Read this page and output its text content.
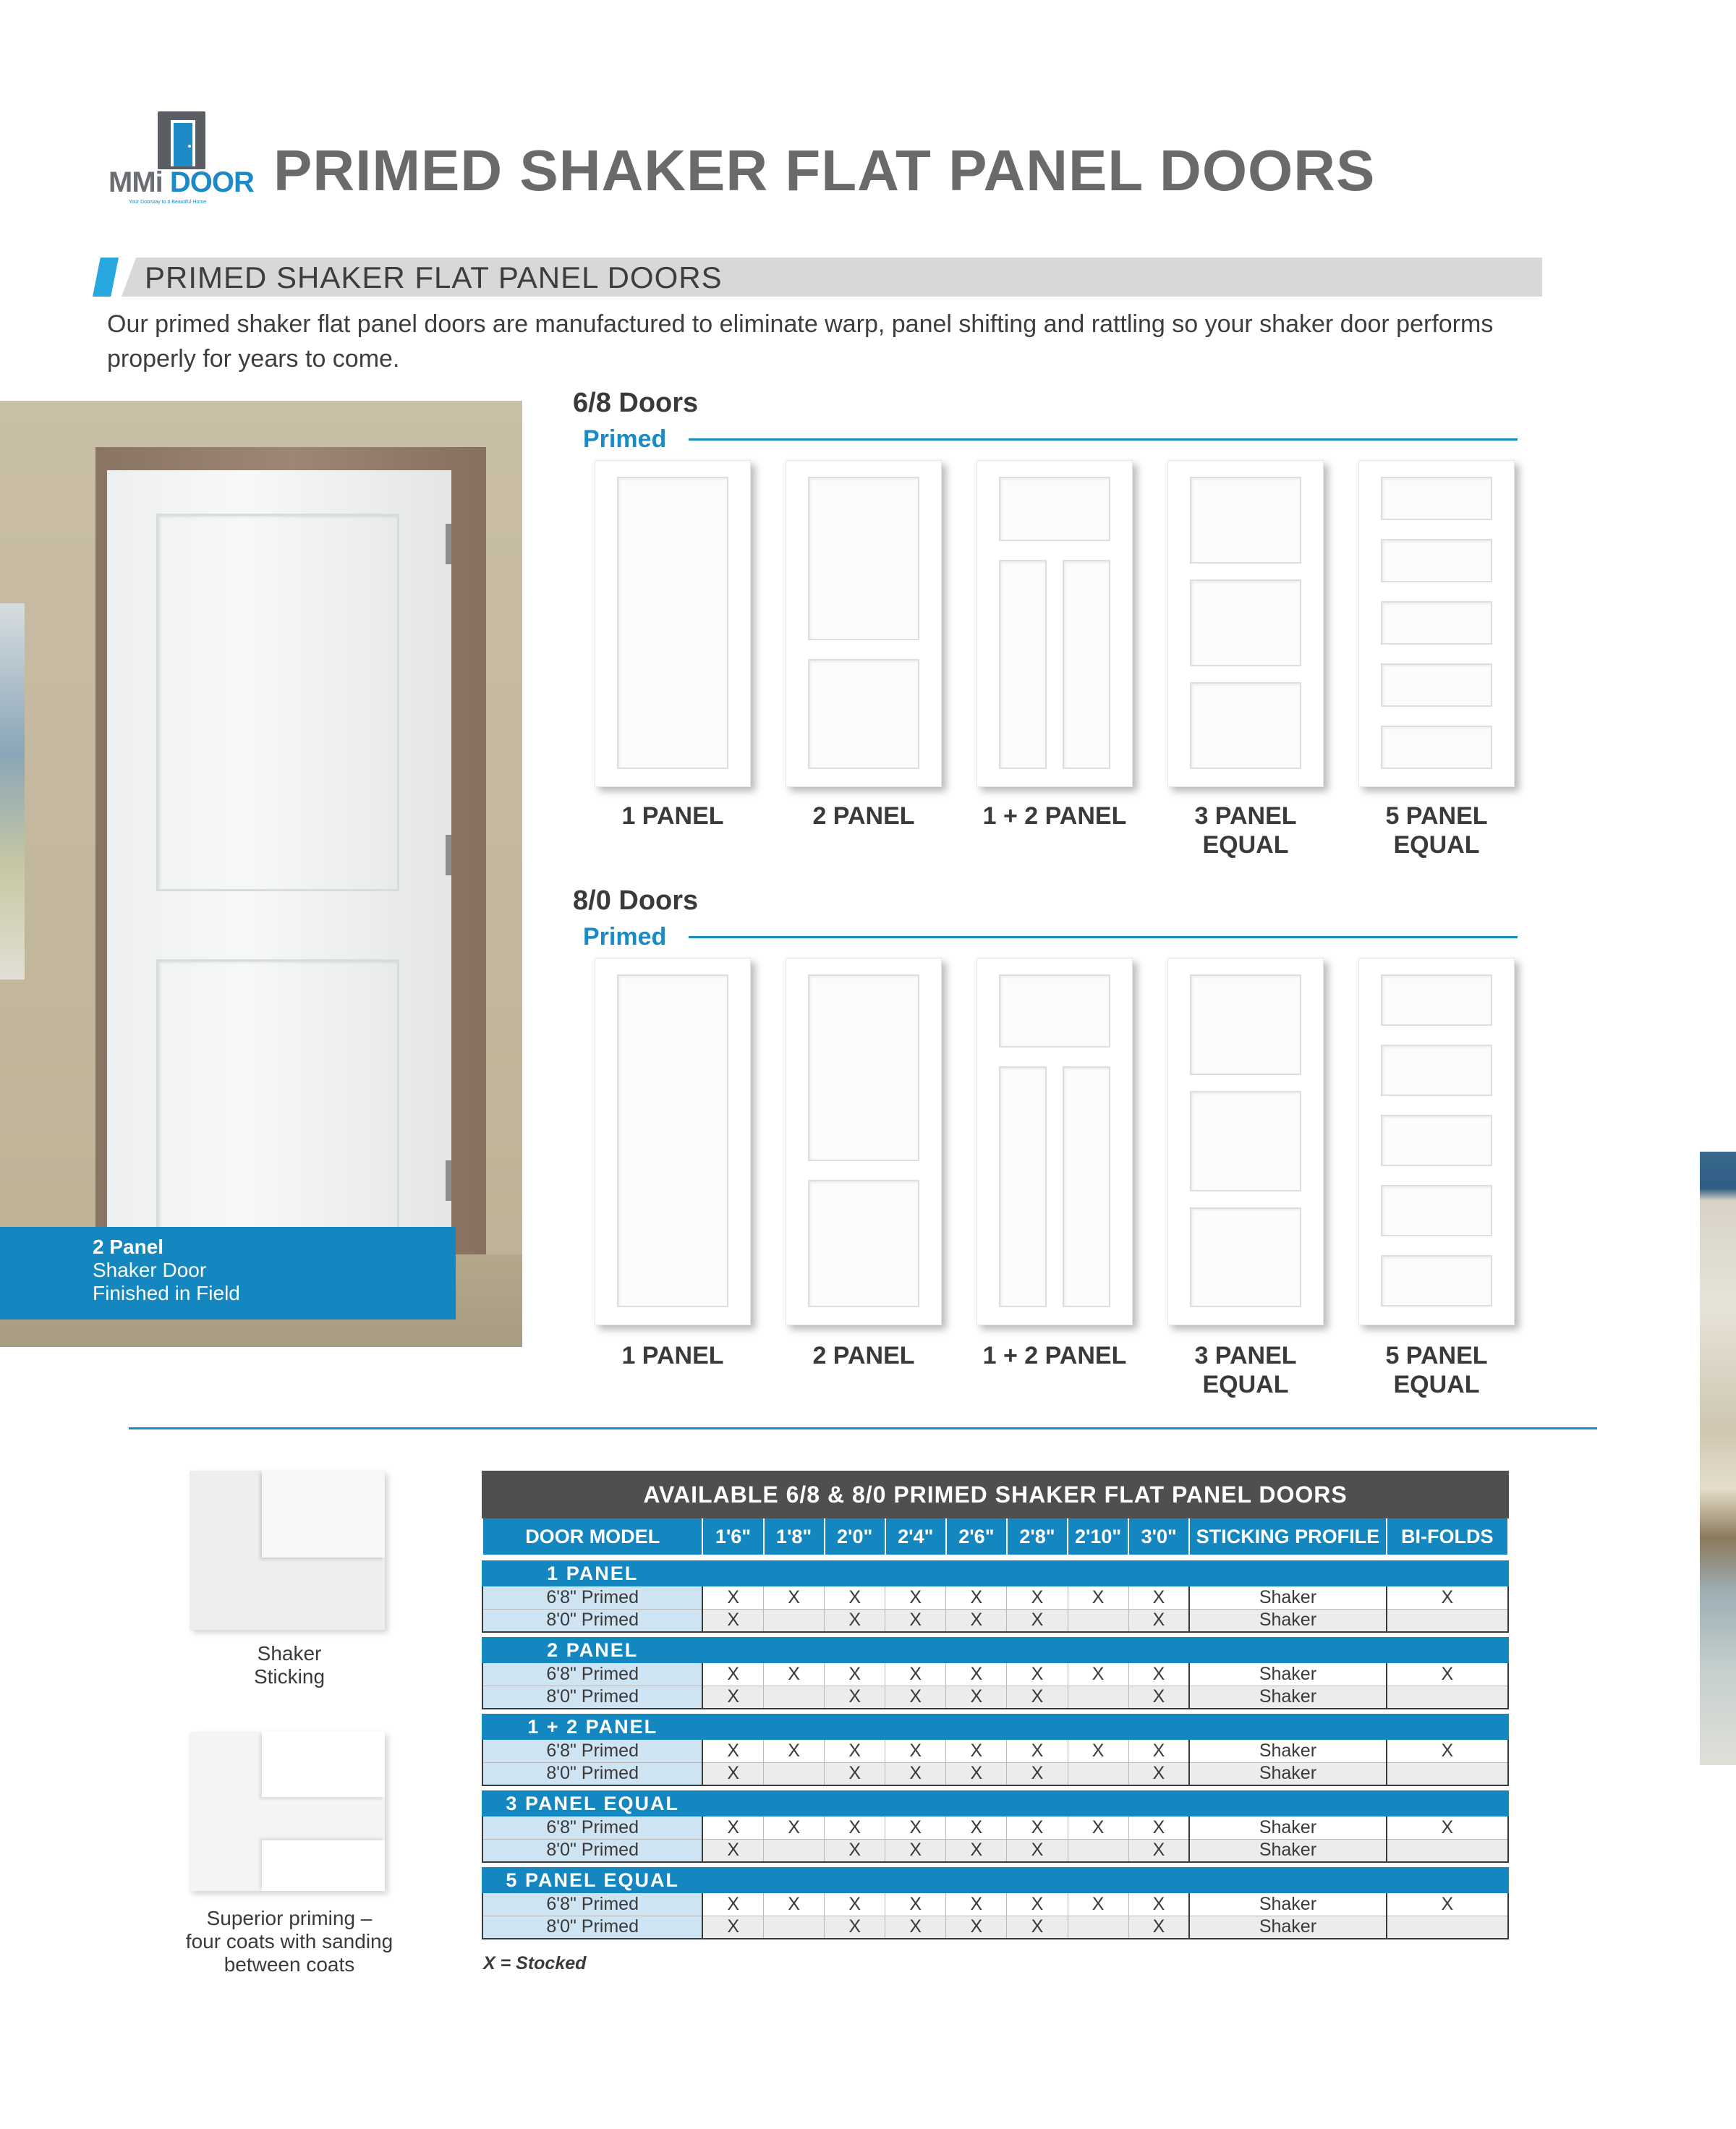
MMi DOOR
Your Doorway to a Beautiful Home PRIMED SHAKER FLAT PANEL DOORS
PRIMED SHAKER FLAT PANEL DOORS

Our primed shaker flat panel doors are manufactured to eliminate warp, panel shifting and rattling so your shaker door performs properly for years to come.

2 Panel
Shaker Door
Finished in Field
6/8 Doors
Primed
1 PANEL	2 PANEL	1 + 2 PANEL	3 PANEL
EQUAL
5 PANEL
EQUAL
8/0 Doors
Primed
1 PANEL	2 PANEL	1 + 2 PANEL	3 PANEL
EQUAL
5 PANEL
EQUAL
Shaker
Sticking
Superior priming –
four coats with sanding
between coats
AVAILABLE 6/8 & 8/0 PRIMED SHAKER FLAT PANEL DOORS										
DOOR MODEL	1'6"	1'8"	2'0"	2'4"	2'6"	2'8"	2'10"	3'0"	STICKING PROFILE	BI-FOLDS

1 PANEL										
6'8" Primed	X	X	X	X	X	X	X	X	Shaker	X
8'0" Primed	X		X	X	X	X		X	Shaker	

2 PANEL										
6'8" Primed	X	X	X	X	X	X	X	X	Shaker	X
8'0" Primed	X		X	X	X	X		X	Shaker	

1 + 2 PANEL										
6'8" Primed	X	X	X	X	X	X	X	X	Shaker	X
8'0" Primed	X		X	X	X	X		X	Shaker	

3 PANEL EQUAL										
6'8" Primed	X	X	X	X	X	X	X	X	Shaker	X
8'0" Primed	X		X	X	X	X		X	Shaker	

5 PANEL EQUAL										
6'8" Primed	X	X	X	X	X	X	X	X	Shaker	X
8'0" Primed	X		X	X	X	X		X	Shaker	
X = Stocked
